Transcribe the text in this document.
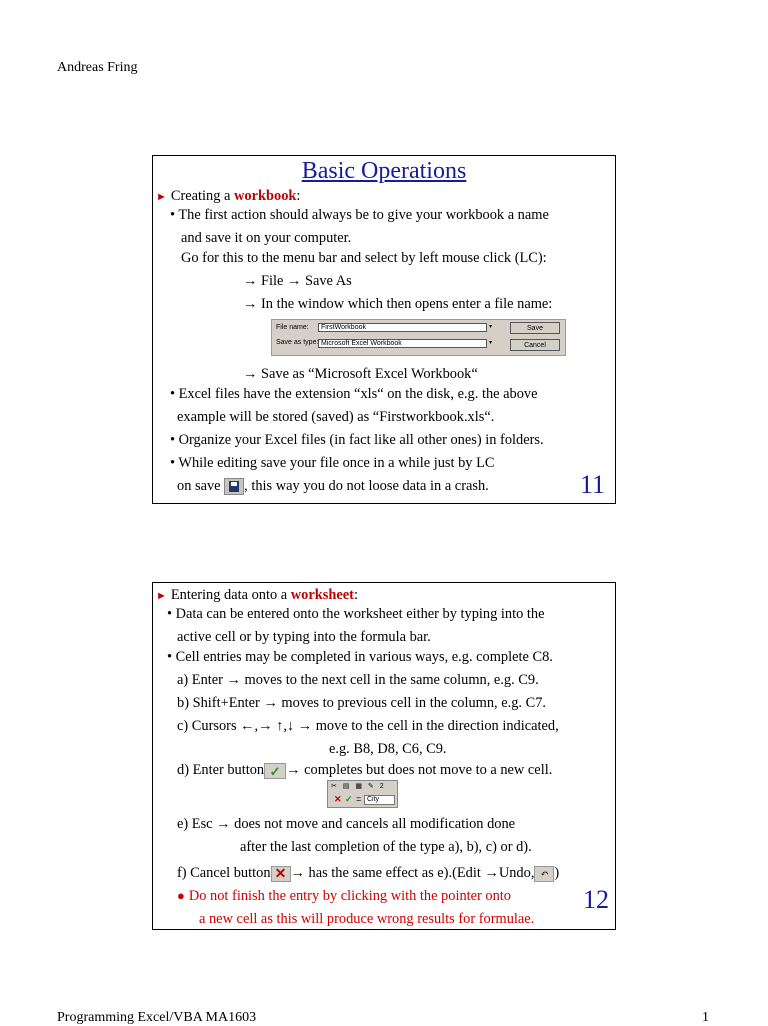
Andreas Fring
Basic Operations
► Creating a workbook:
• The first action should always be to give your workbook a name
and save it on your computer.
Go for this to the menu bar and select by left mouse click (LC):
→ File → Save As
→ In the window which then opens enter a file name:
File name:	FirstWorkbook	▾
Save as type: Microsoft Excel Workbook	▾
Save
Cancel
→ Save as “Microsoft Excel Workbook“
• Excel files have the extension “xls“ on the disk, e.g. the above
example will be stored (saved) as “Firstworkbook.xls“.
• Organize your Excel files (in fact like all other ones) in folders.
• While editing save your file once in a while just by LC
on save , this way you do not loose data in a crash.	11
► Entering data onto a worksheet:
• Data can be entered onto the worksheet either by typing into the
active cell or by typing into the formula bar.
• Cell entries may be completed in various ways, e.g. complete C8.
a) Enter → moves to the next cell in the same column, e.g. C9.
b) Shift+Enter → moves to previous cell in the column, e.g. C7.
c) Cursors ←,→ ↑,↓ → move to the cell in the direction indicated,
e.g. B8, D8, C6, C9.
d) Enter button ✓ → completes but does not move to a new cell.
✂ ▤ ▦ ✎ 2
✕ ✓ = City
e) Esc → does not move and cancels all modification done
after the last completion of the type a), b), c) or d).
f) Cancel button ✕ → has the same effect as e).(Edit →Undo, ↶ )
● Do not finish the entry by clicking with the pointer onto
a new cell as this will produce wrong results for formulae.
12
Programming Excel/VBA MA1603	1
